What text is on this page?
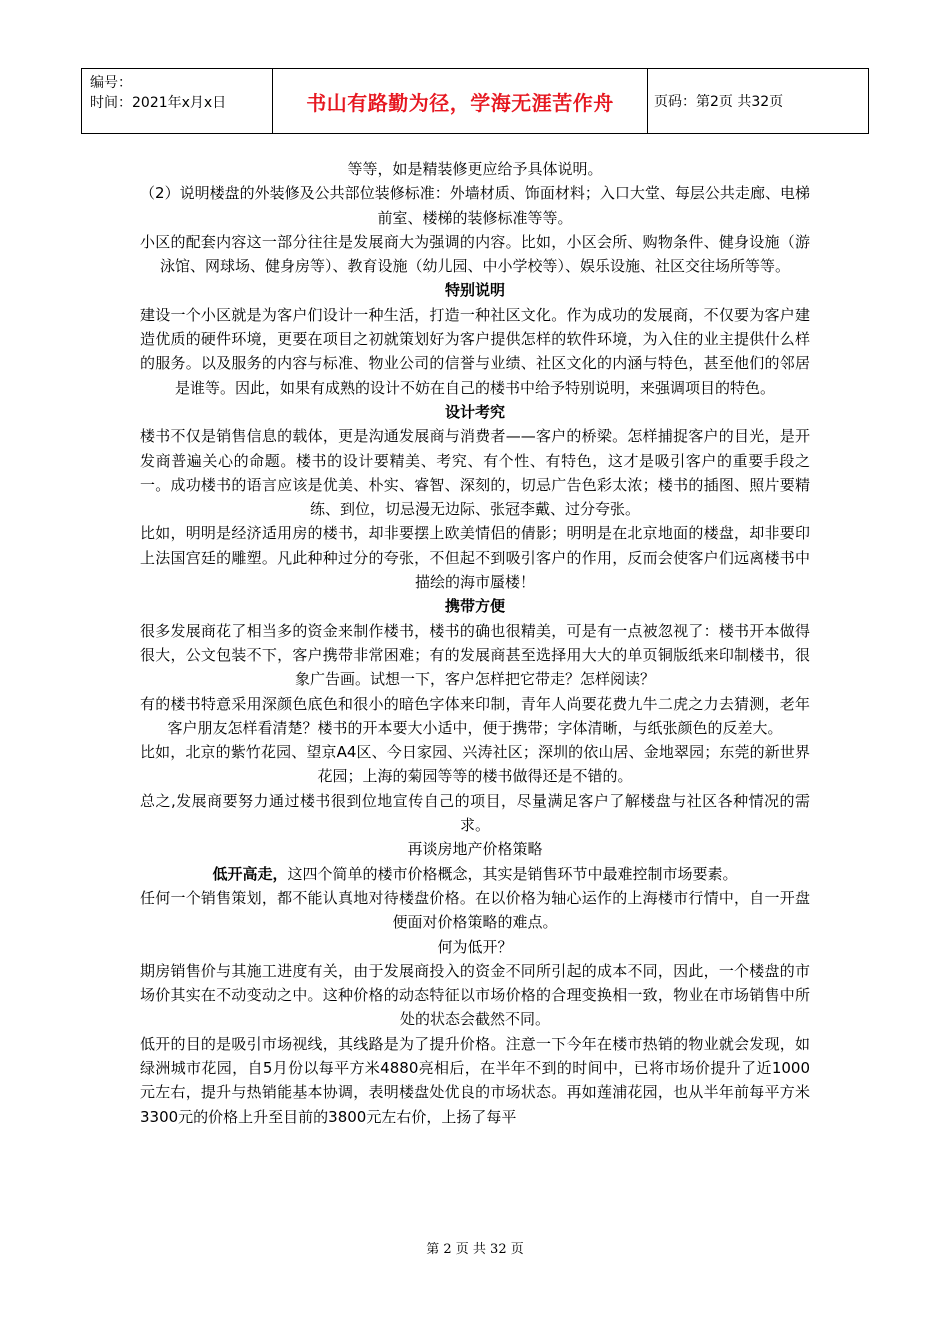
编号：
时间：2021年x月x日	书山有路勤为径，学海无涯苦作舟	页码：第2页 共32页

等等，如是精装修更应给予具体说明。

（2）说明楼盘的外装修及公共部位装修标准：外墙材质、饰面材料；入口大堂、每层公共走廊、电梯前室、楼梯的装修标准等等。

小区的配套内容这一部分往往是发展商大为强调的内容。比如，小区会所、购物条件、健身设施（游泳馆、网球场、健身房等）、教育设施（幼儿园、中小学校等）、娱乐设施、社区交往场所等等。

特别说明

建设一个小区就是为客户们设计一种生活，打造一种社区文化。作为成功的发展商，不仅要为客户建造优质的硬件环境，更要在项目之初就策划好为客户提供怎样的软件环境，为入住的业主提供什么样的服务。以及服务的内容与标准、物业公司的信誉与业绩、社区文化的内涵与特色，甚至他们的邻居是谁等。因此，如果有成熟的设计不妨在自己的楼书中给予特别说明，来强调项目的特色。

设计考究

楼书不仅是销售信息的载体，更是沟通发展商与消费者——客户的桥梁。怎样捕捉客户的目光，是开发商普遍关心的命题。楼书的设计要精美、考究、有个性、有特色，这才是吸引客户的重要手段之一。成功楼书的语言应该是优美、朴实、睿智、深刻的，切忌广告色彩太浓；楼书的插图、照片要精练、到位，切忌漫无边际、张冠李戴、过分夸张。

比如，明明是经济适用房的楼书，却非要摆上欧美情侣的倩影；明明是在北京地面的楼盘，却非要印上法国宫廷的雕塑。凡此种种过分的夸张，不但起不到吸引客户的作用，反而会使客户们远离楼书中描绘的海市蜃楼！

携带方便

很多发展商花了相当多的资金来制作楼书，楼书的确也很精美，可是有一点被忽视了：楼书开本做得很大，公文包装不下，客户携带非常困难；有的发展商甚至选择用大大的单页铜版纸来印制楼书，很象广告画。试想一下，客户怎样把它带走？怎样阅读？

有的楼书特意采用深颜色底色和很小的暗色字体来印制，青年人尚要花费九牛二虎之力去猜测，老年客户朋友怎样看清楚？楼书的开本要大小适中，便于携带；字体清晰，与纸张颜色的反差大。

比如，北京的紫竹花园、望京A4区、今日家园、兴涛社区；深圳的依山居、金地翠园；东莞的新世界花园；上海的菊园等等的楼书做得还是不错的。

总之,发展商要努力通过楼书很到位地宣传自己的项目，尽量满足客户了解楼盘与社区各种情况的需求。

再谈房地产价格策略

低开高走，这四个简单的楼市价格概念，其实是销售环节中最难控制市场要素。

任何一个销售策划，都不能认真地对待楼盘价格。在以价格为轴心运作的上海楼市行情中，自一开盘便面对价格策略的难点。

何为低开？

期房销售价与其施工进度有关，由于发展商投入的资金不同所引起的成本不同，因此，一个楼盘的市场价其实在不动变动之中。这种价格的动态特征以市场价格的合理变换相一致，物业在市场销售中所处的状态会截然不同。

低开的目的是吸引市场视线，其线路是为了提升价格。注意一下今年在楼市热销的物业就会发现，如绿洲城市花园，自5月份以每平方米4880亮相后，在半年不到的时间中，已将市场价提升了近1000元左右，提升与热销能基本协调，表明楼盘处优良的市场状态。再如莲浦花园，也从半年前每平方米3300元的价格上升至目前的3800元左右价，上扬了每平

第 2 页 共 32 页
